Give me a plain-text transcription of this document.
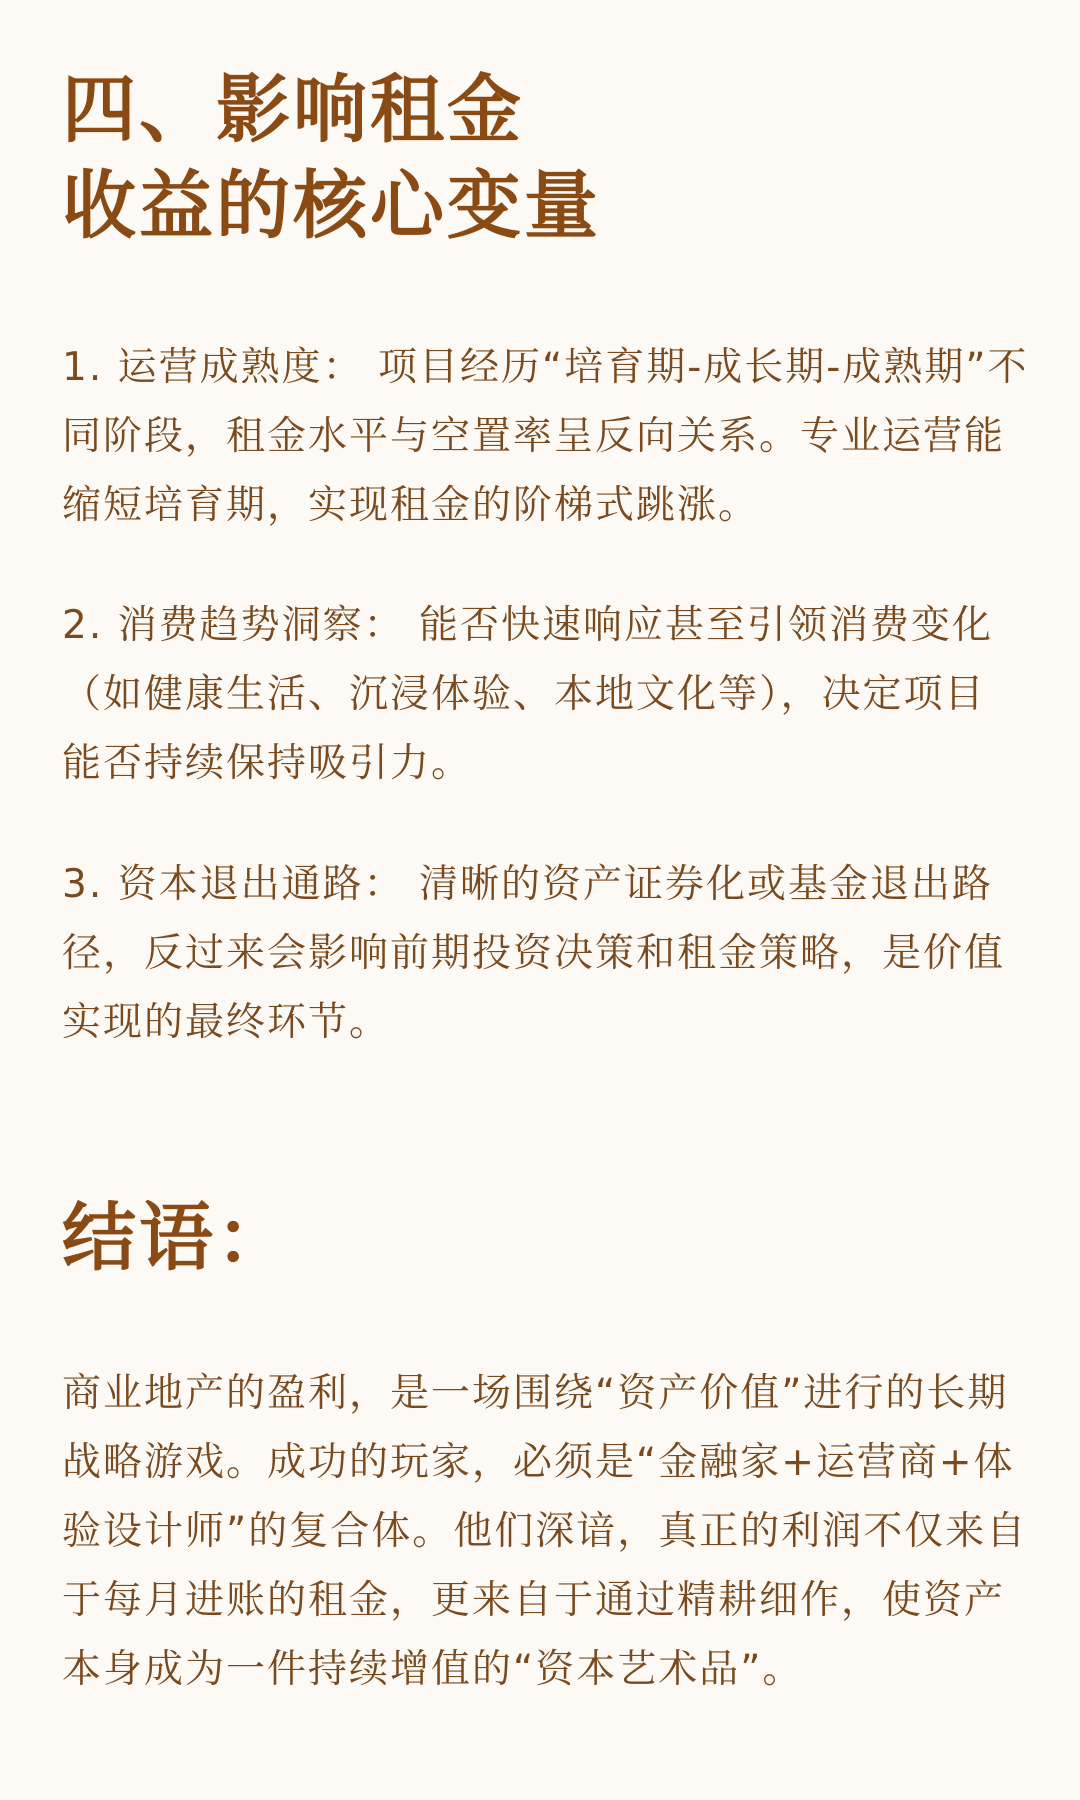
四、影响租金
收益的核心变量

1. 运营成熟度： 项目经历“培育期-成长期-成熟期”不
同阶段，租金水平与空置率呈反向关系。专业运营能
缩短培育期，实现租金的阶梯式跳涨。

2. 消费趋势洞察： 能否快速响应甚至引领消费变化
（如健康生活、沉浸体验、本地文化等），决定项目
能否持续保持吸引力。

3. 资本退出通路： 清晰的资产证券化或基金退出路
径，反过来会影响前期投资决策和租金策略，是价值
实现的最终环节。

结语：

商业地产的盈利，是一场围绕“资产价值”进行的长期
战略游戏。成功的玩家，必须是“金融家+运营商+体
验设计师”的复合体。他们深谙，真正的利润不仅来自
于每月进账的租金，更来自于通过精耕细作，使资产
本身成为一件持续增值的“资本艺术品”。
